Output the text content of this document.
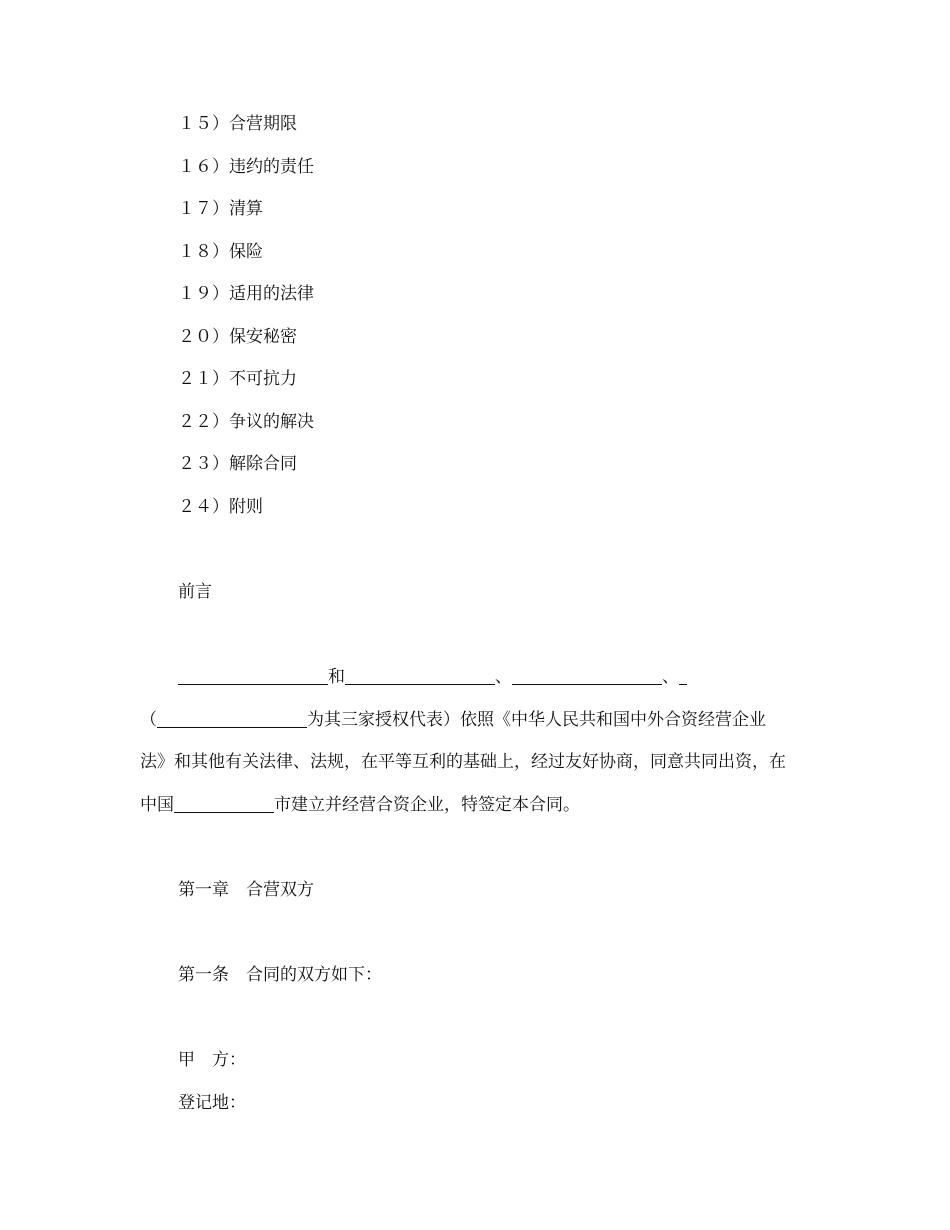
１５）合营期限
１６）违约的责任
１７）清算
１８）保险
１９）适用的法律
２０）保安秘密
２１）不可抗力
２２）争议的解决
２３）解除合同
２４）附则
前言
和	、	、
（	为其三家授权代表）依照《中华人民共和国中外合资经营企业
法》和其他有关法律、法规，在平等互利的基础上，经过友好协商，同意共同出资，在
中国	市建立并经营合资企业，特签定本合同。
第一章　合营双方
第一条　合同的双方如下：
甲　方：
登记地：
